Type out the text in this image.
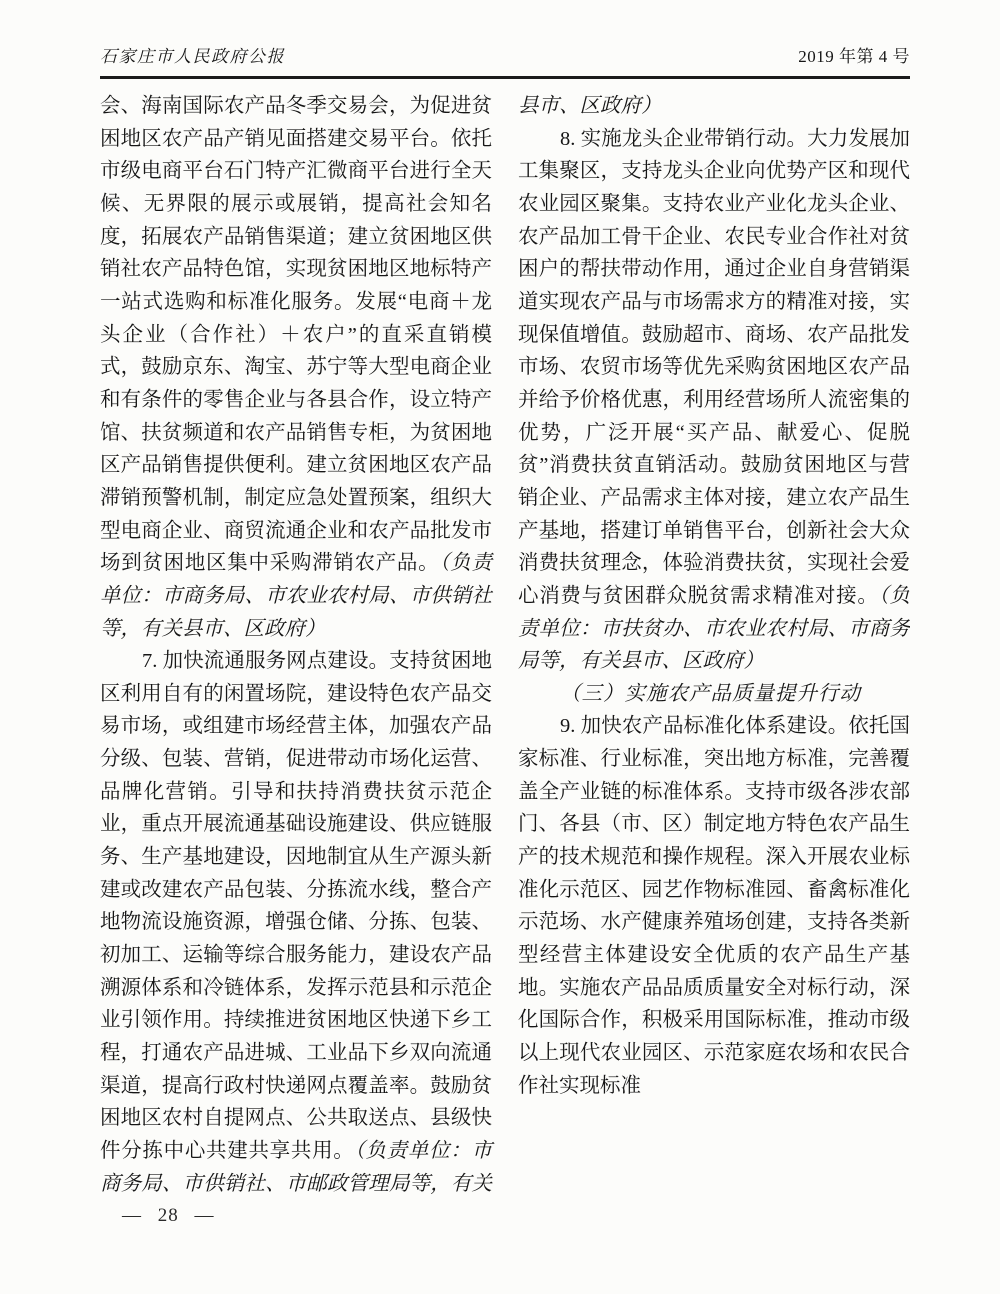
石家庄市人民政府公报	2019 年第 4 号

会、海南国际农产品冬季交易会，为促进贫困地区农产品产销见面搭建交易平台。依托市级电商平台石门特产汇微商平台进行全天候、无界限的展示或展销，提高社会知名度，拓展农产品销售渠道；建立贫困地区供销社农产品特色馆，实现贫困地区地标特产一站式选购和标准化服务。发展“电商＋龙头企业（合作社）＋农户”的直采直销模式，鼓励京东、淘宝、苏宁等大型电商企业和有条件的零售企业与各县合作，设立特产馆、扶贫频道和农产品销售专柜，为贫困地区产品销售提供便利。建立贫困地区农产品滞销预警机制，制定应急处置预案，组织大型电商企业、商贸流通企业和农产品批发市场到贫困地区集中采购滞销农产品。（负责单位：市商务局、市农业农村局、市供销社等，有关县市、区政府）

7. 加快流通服务网点建设。支持贫困地区利用自有的闲置场院，建设特色农产品交易市场，或组建市场经营主体，加强农产品分级、包装、营销，促进带动市场化运营、品牌化营销。引导和扶持消费扶贫示范企业，重点开展流通基础设施建设、供应链服务、生产基地建设，因地制宜从生产源头新建或改建农产品包装、分拣流水线，整合产地物流设施资源，增强仓储、分拣、包装、初加工、运输等综合服务能力，建设农产品溯源体系和冷链体系，发挥示范县和示范企业引领作用。持续推进贫困地区快递下乡工程，打通农产品进城、工业品下乡双向流通渠道，提高行政村快递网点覆盖率。鼓励贫困地区农村自提网点、公共取送点、县级快件分拣中心共建共享共用。（负责单位：市商务局、市供销社、市邮政管理局等，有关县市、区政府）

8. 实施龙头企业带销行动。大力发展加工集聚区，支持龙头企业向优势产区和现代农业园区聚集。支持农业产业化龙头企业、农产品加工骨干企业、农民专业合作社对贫困户的帮扶带动作用，通过企业自身营销渠道实现农产品与市场需求方的精准对接，实现保值增值。鼓励超市、商场、农产品批发市场、农贸市场等优先采购贫困地区农产品并给予价格优惠，利用经营场所人流密集的优势，广泛开展“买产品、献爱心、促脱贫”消费扶贫直销活动。鼓励贫困地区与营销企业、产品需求主体对接，建立农产品生产基地，搭建订单销售平台，创新社会大众消费扶贫理念，体验消费扶贫，实现社会爱心消费与贫困群众脱贫需求精准对接。（负责单位：市扶贫办、市农业农村局、市商务局等，有关县市、区政府）

（三）实施农产品质量提升行动

9. 加快农产品标准化体系建设。依托国家标准、行业标准，突出地方标准，完善覆盖全产业链的标准体系。支持市级各涉农部门、各县（市、区）制定地方特色农产品生产的技术规范和操作规程。深入开展农业标准化示范区、园艺作物标准园、畜禽标准化示范场、水产健康养殖场创建，支持各类新型经营主体建设安全优质的农产品生产基地。实施农产品品质质量安全对标行动，深化国际合作，积极采用国际标准，推动市级以上现代农业园区、示范家庭农场和农民合作社实现标准

— 28 —
